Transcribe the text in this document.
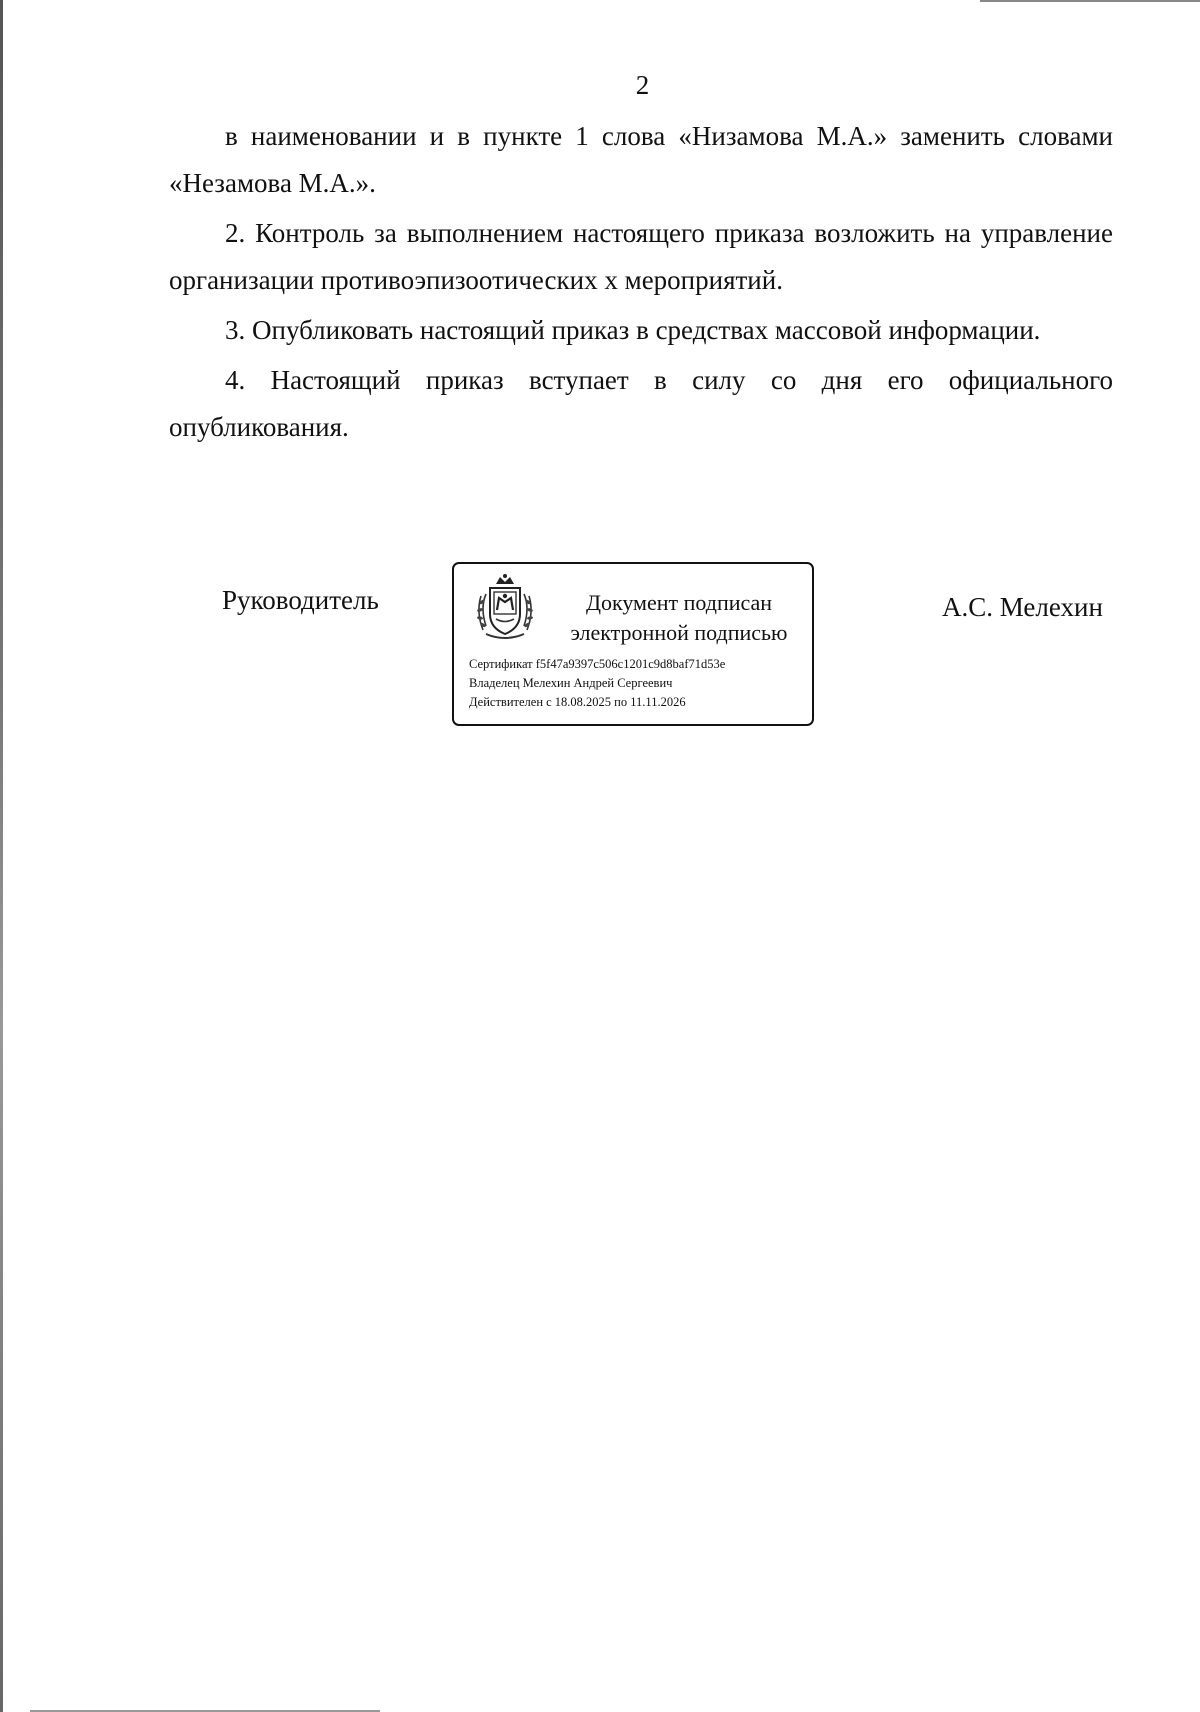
2

в наименовании и в пункте 1 слова «Низамова М.А.» заменить словами «Незамова М.А.».

2. Контроль за выполнением настоящего приказа возложить на управление организации противоэпизоотических х мероприятий.

3. Опубликовать настоящий приказ в средствах массовой информации.

4. Настоящий приказ вступает в силу со дня его официального опубликования.

Руководитель	Документ подписан
электронной подписью
Сертификат f5f47a9397c506c1201c9d8baf71d53e
Владелец Мелехин Андрей Сергеевич
Действителен с 18.08.2025 по 11.11.2026
А.С. Мелехин
